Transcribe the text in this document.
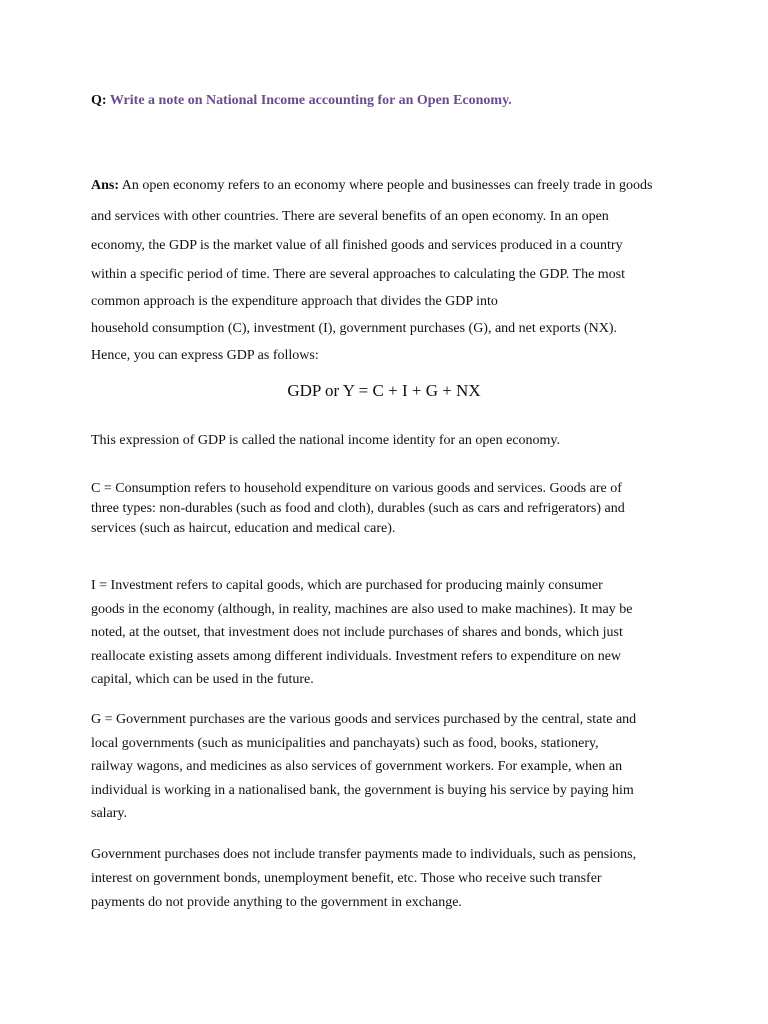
Q: Write a note on National Income accounting for an Open Economy.
Ans: An open economy refers to an economy where people and businesses can freely trade in goods
and services with other countries. There are several benefits of an open economy. In an open
economy, the GDP is the market value of all finished goods and services produced in a country
within a specific period of time. There are several approaches to calculating the GDP. The most
common approach is the expenditure approach that divides the GDP into
household consumption (C), investment (I), government purchases (G), and net exports (NX).
Hence, you can express GDP as follows:
GDP or Y = C + I + G + NX
This expression of GDP is called the national income identity for an open economy.
C = Consumption refers to household expenditure on various goods and services. Goods are of
three types: non-durables (such as food and cloth), durables (such as cars and refrigerators) and
services (such as haircut, education and medical care).
I = Investment refers to capital goods, which are purchased for producing mainly consumer
goods in the economy (although, in reality, machines are also used to make machines). It may be
noted, at the outset, that investment does not include purchases of shares and bonds, which just
reallocate existing assets among different individuals. Investment refers to expenditure on new
capital, which can be used in the future.
G = Government purchases are the various goods and services purchased by the central, state and
local governments (such as municipalities and panchayats) such as food, books, stationery,
railway wagons, and medicines as also services of government workers. For example, when an
individual is working in a nationalised bank, the government is buying his service by paying him
salary.
Government purchases does not include transfer payments made to individuals, such as pensions,
interest on government bonds, unemployment benefit, etc. Those who receive such transfer
payments do not provide anything to the government in exchange.
